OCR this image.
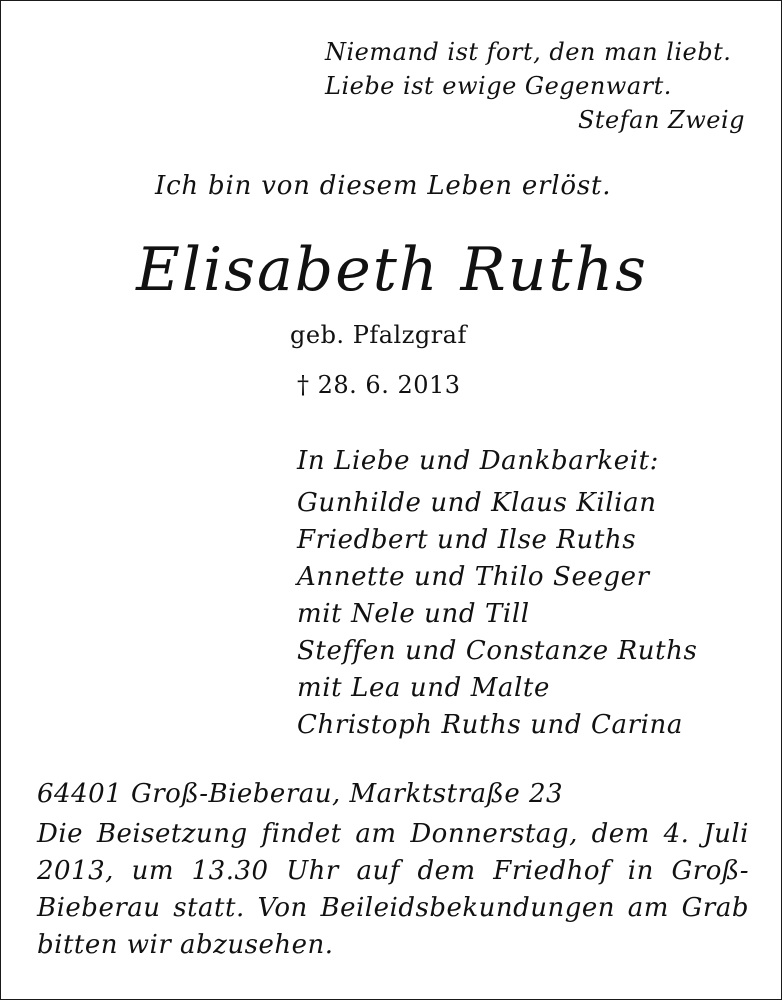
Niemand ist fort, den man liebt.
Liebe ist ewige Gegenwart.
Stefan Zweig
Ich bin von diesem Leben erlöst.
Elisabeth Ruths
geb. Pfalzgraf
† 28. 6. 2013
In Liebe und Dankbarkeit:
Gunhilde und Klaus Kilian
Friedbert und Ilse Ruths
Annette und Thilo Seeger
mit Nele und Till
Steffen und Constanze Ruths
mit Lea und Malte
Christoph Ruths und Carina
64401 Groß-Bieberau, Marktstraße 23
Die Beisetzung findet am Donnerstag, dem 4. Juli 2013, um 13.30 Uhr auf dem Friedhof in Groß-Bieberau statt. Von Beileidsbekundungen am Grab bitten wir abzusehen.
